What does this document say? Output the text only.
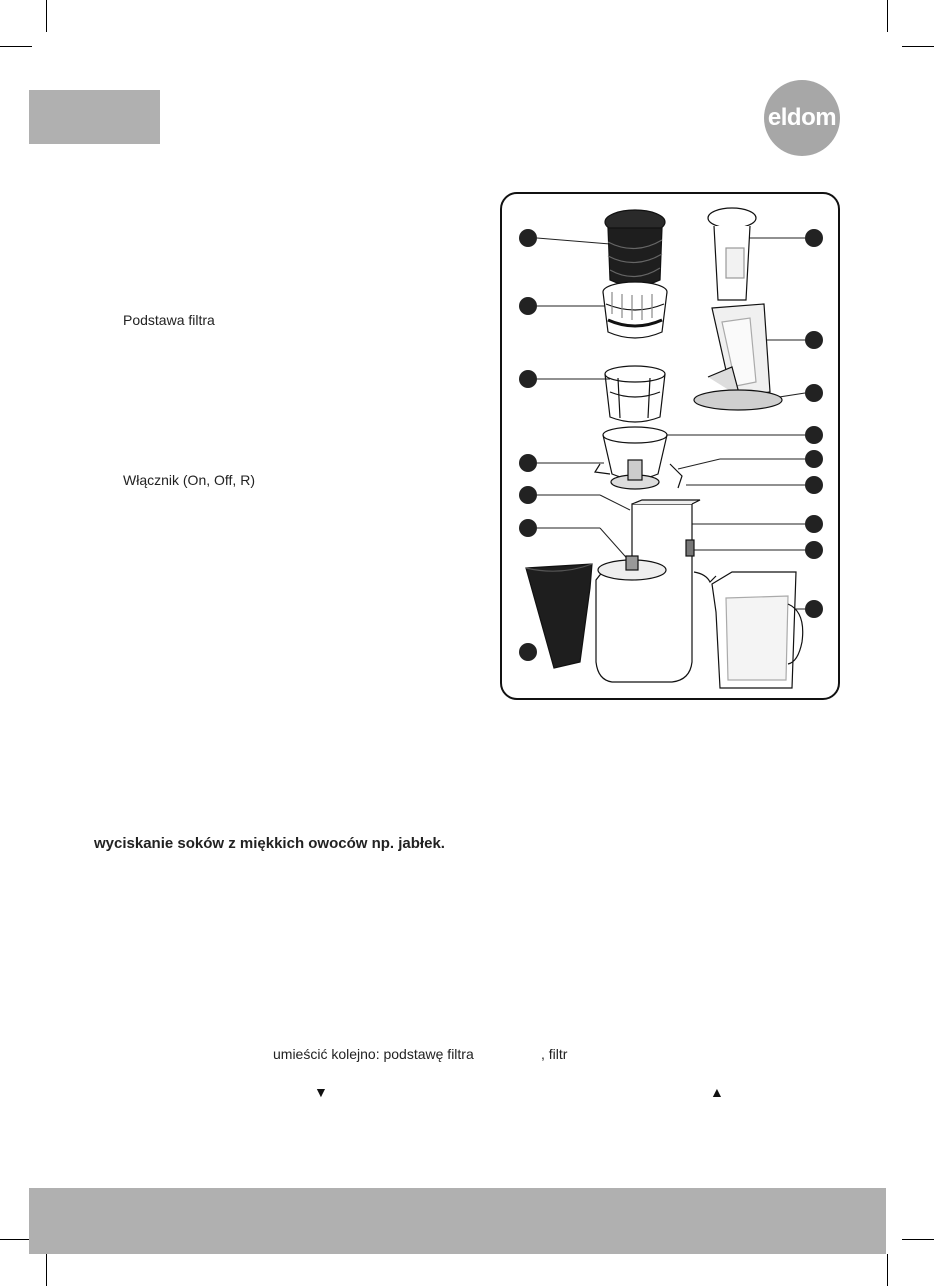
eldom
Podstawa filtra
Włącznik (On, Off, R)
wyciskanie soków z miękkich owoców np. jabłek.
umieścić kolejno: podstawę filtra	, filtr
▼	▲
